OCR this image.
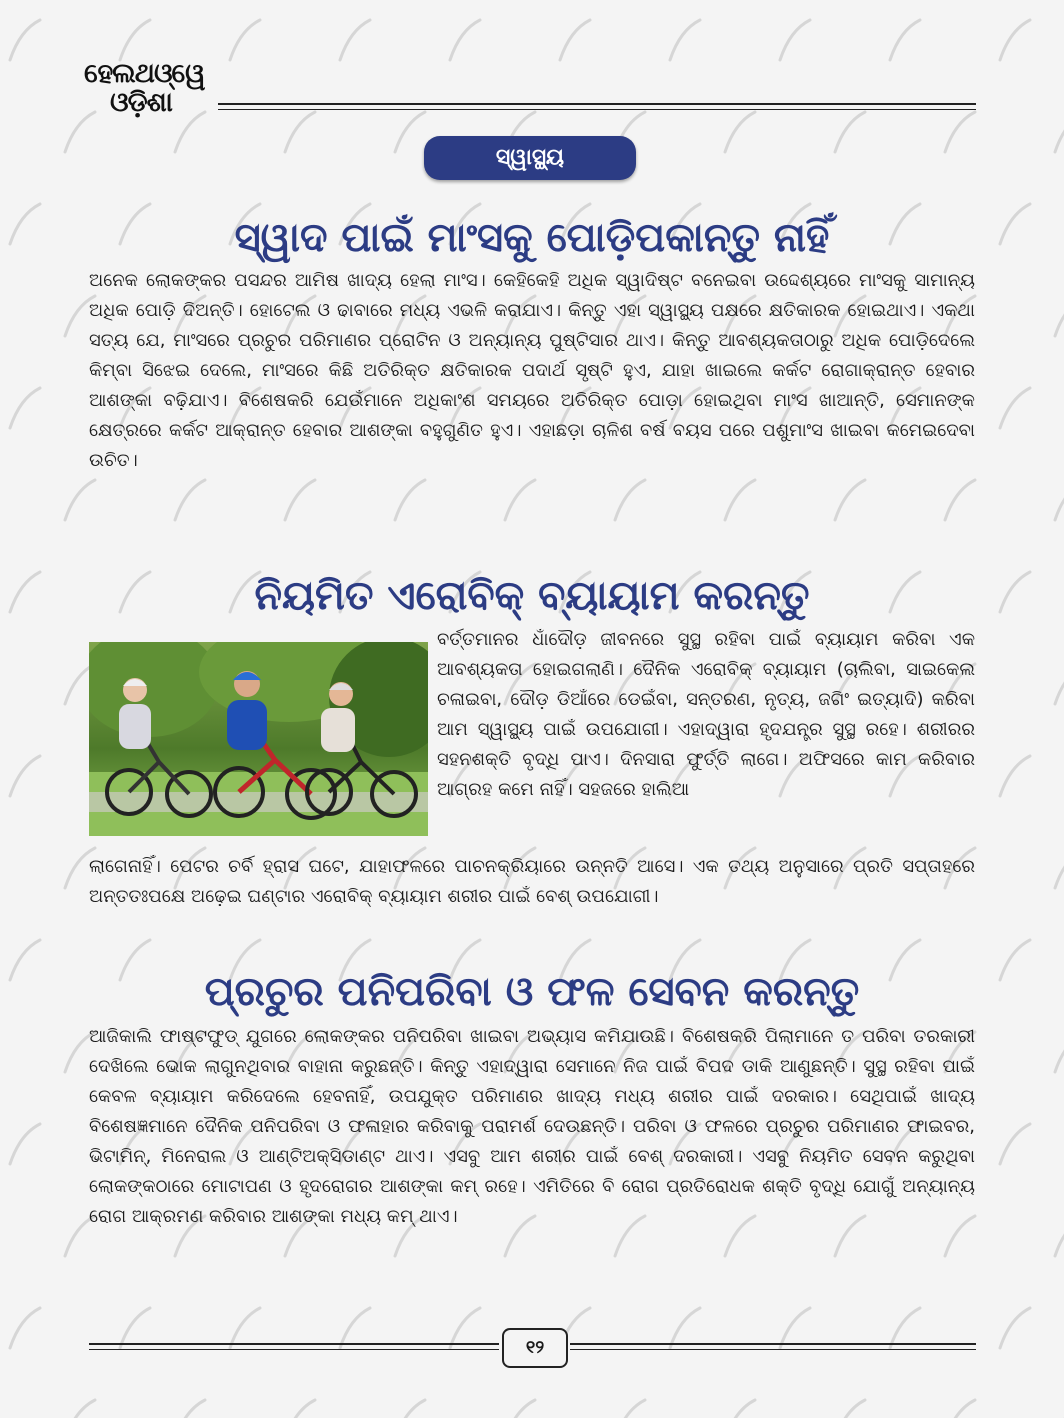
ହେଲଥଓ୍ୱେ
ଓଡ଼ିଶା
ସ୍ୱାସ୍ଥ୍ୟ
ସ୍ୱାଦ ପାଇଁ ମାଂସକୁ ପୋଡ଼ିପକାନ୍ତୁ ନାହିଁ

ଅନେକ ଲୋକଙ୍କର ପସନ୍ଦର ଆମିଷ ଖାଦ୍ୟ ହେଲା ମାଂସ। କେହିକେହି ଅଧିକ ସ୍ୱାଦିଷ୍ଟ ବନେଇବା ଉଦ୍ଦେଶ୍ୟରେ ମାଂସକୁ ସାମାନ୍ୟ ଅଧିକ ପୋଡ଼ି ଦିଅନ୍ତି। ହୋଟେଲ ଓ ଢାବାରେ ମଧ୍ୟ ଏଭଳି କରାଯାଏ। କିନ୍ତୁ ଏହା ସ୍ୱାସ୍ଥ୍ୟ ପକ୍ଷରେ କ୍ଷତିକାରକ ହୋଇଥାଏ। ଏକଥା ସତ୍ୟ ଯେ, ମାଂସରେ ପ୍ରଚୁର ପରିମାଣର ପ୍ରୋଟିନ ଓ ଅନ୍ୟାନ୍ୟ ପୁଷ୍ଟିସାର ଥାଏ। କିନ୍ତୁ ଆବଶ୍ୟକତାଠାରୁ ଅଧିକ ପୋଡ଼ିଦେଲେ କିମ୍ବା ସିଝେଇ ଦେଲେ, ମାଂସରେ କିଛି ଅତିରିକ୍ତ କ୍ଷତିକାରକ ପଦାର୍ଥ ସୃଷ୍ଟି ହୁଏ, ଯାହା ଖାଇଲେ କର୍କଟ ରୋଗାକ୍ରାନ୍ତ ହେବାର ଆଶଙ୍କା ବଢ଼ିଯାଏ। ବିଶେଷକରି ଯେଉଁମାନେ ଅଧିକାଂଶ ସମୟରେ ଅତିରିକ୍ତ ପୋଡ଼ା ହୋଇଥିବା ମାଂସ ଖାଆନ୍ତି, ସେମାନଙ୍କ କ୍ଷେତ୍ରରେ କର୍କଟ ଆକ୍ରାନ୍ତ ହେବାର ଆଶଙ୍କା ବହୁଗୁଣିତ ହୁଏ। ଏହାଛଡ଼ା ଚାଳିଶ ବର୍ଷ ବୟସ ପରେ ପଶୁମାଂସ ଖାଇବା କମେଇଦେବା ଉଚିତ।

ନିୟମିତ ଏରୋବିକ୍ ବ୍ୟାୟାମ କରନ୍ତୁ

ବର୍ତ୍ତମାନର ଧାଁଦୌଡ଼ ଜୀବନରେ ସୁସ୍ଥ ରହିବା ପାଇଁ ବ୍ୟାୟାମ କରିବା ଏକ ଆବଶ୍ୟକତା ହୋଇଗଲାଣି। ଦୈନିକ ଏରୋବିକ୍ ବ୍ୟାୟାମ (ଚାଲିବା, ସାଇକେଲ ଚଳାଇବା, ଦୌଡ଼ ଡିଆଁରେ ଡେଇଁବା, ସନ୍ତରଣ, ନୃତ୍ୟ, ଜଗିଂ ଇତ୍ୟାଦି) କରିବା ଆମ ସ୍ୱାସ୍ଥ୍ୟ ପାଇଁ ଉପଯୋଗୀ। ଏହାଦ୍ୱାରା ହୃଦଯନ୍ତ୍ର ସୁସ୍ଥ ରହେ। ଶରୀରର ସହନଶକ୍ତି ବୃଦ୍ଧି ପାଏ। ଦିନସାରା ଫୁର୍ତ୍ତି ଲାଗେ। ଅଫିସରେ କାମ କରିବାର ଆଗ୍ରହ କମେ ନାହିଁ। ସହଜରେ ହାଲିଆ

ଲାଗେନାହିଁ। ପେଟର ଚର୍ବି ହ୍ରାସ ଘଟେ, ଯାହାଫଳରେ ପାଚନକ୍ରିୟାରେ ଉନ୍ନତି ଆସେ। ଏକ ତଥ୍ୟ ଅନୁସାରେ ପ୍ରତି ସପ୍ତାହରେ ଅନ୍ତତଃପକ୍ଷେ ଅଢ଼େଇ ଘଣ୍ଟାର ଏରୋବିକ୍ ବ୍ୟାୟାମ ଶରୀର ପାଇଁ ବେଶ୍ ଉପଯୋଗୀ।

ପ୍ରଚୁର ପନିପରିବା ଓ ଫଳ ସେବନ କରନ୍ତୁ

ଆଜିକାଲି ଫାଷ୍ଟଫୁଡ୍ ଯୁଗରେ ଲୋକଙ୍କର ପନିପରିବା ଖାଇବା ଅଭ୍ୟାସ କମିଯାଉଛି। ବିଶେଷକରି ପିଲାମାନେ ତ ପରିବା ତରକାରୀ ଦେଖିଲେ ଭୋକ ଲାଗୁନଥିବାର ବାହାନା କରୁଛନ୍ତି। କିନ୍ତୁ ଏହାଦ୍ୱାରା ସେମାନେ ନିଜ ପାଇଁ ବିପଦ ଡାକି ଆଣୁଛନ୍ତି। ସୁସ୍ଥ ରହିବା ପାଇଁ କେବଳ ବ୍ୟାୟାମ କରିଦେଲେ ହେବନାହିଁ, ଉପଯୁକ୍ତ ପରିମାଣର ଖାଦ୍ୟ ମଧ୍ୟ ଶରୀର ପାଇଁ ଦରକାର। ସେଥିପାଇଁ ଖାଦ୍ୟ ବିଶେଷଜ୍ଞମାନେ ଦୈନିକ ପନିପରିବା ଓ ଫଳାହାର କରିବାକୁ ପରାମର୍ଶ ଦେଉଛନ୍ତି। ପରିବା ଓ ଫଳରେ ପ୍ରଚୁର ପରିମାଣର ଫାଇବର, ଭିଟାମିନ୍, ମିନେରାଲ ଓ ଆଣ୍ଟିଅକ୍ସିଡାଣ୍ଟ ଥାଏ। ଏସବୁ ଆମ ଶରୀର ପାଇଁ ବେଶ୍ ଦରକାରୀ। ଏସବୁ ନିୟମିତ ସେବନ କରୁଥିବା ଲୋକଙ୍କଠାରେ ମୋଟାପଣ ଓ ହୃଦରୋଗର ଆଶଙ୍କା କମ୍ ରହେ। ଏମିତିରେ ବି ରୋଗ ପ୍ରତିରୋଧକ ଶକ୍ତି ବୃଦ୍ଧି ଯୋଗୁଁ ଅନ୍ୟାନ୍ୟ ରୋଗ ଆକ୍ରମଣ କରିବାର ଆଶଙ୍କା ମଧ୍ୟ କମ୍ ଥାଏ।

୧୨
